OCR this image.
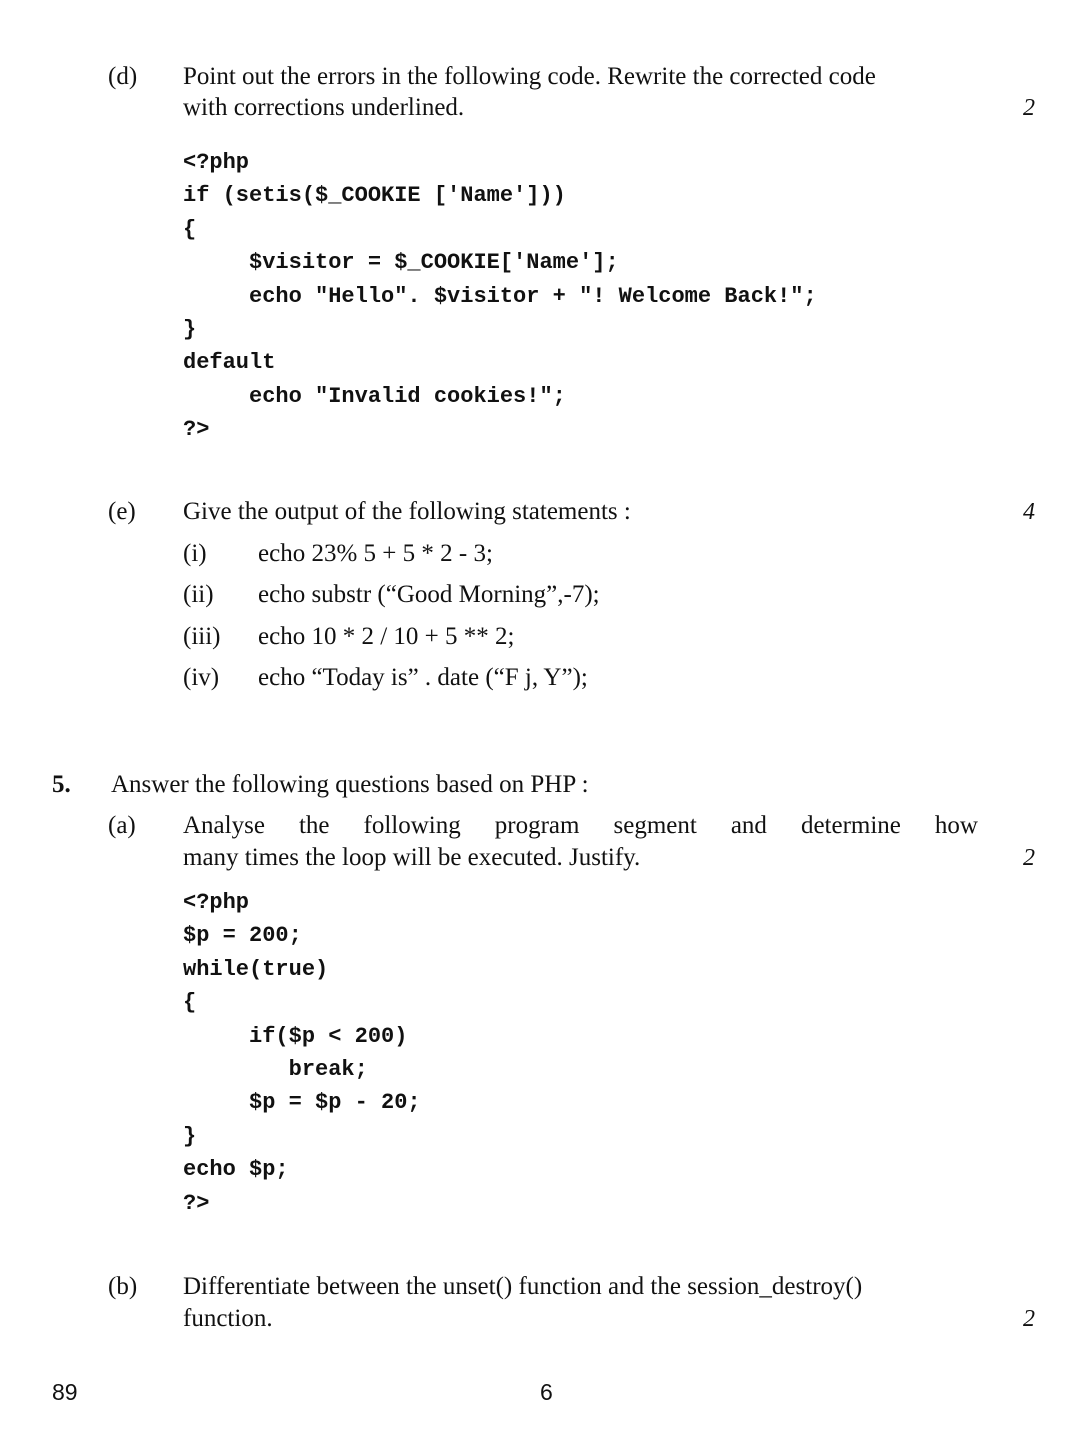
(d) Point out the errors in the following code. Rewrite the corrected code
with corrections underlined.	2
<?php
if (setis($_COOKIE ['Name']))
{
$visitor = $_COOKIE['Name'];
echo "Hello". $visitor + "! Welcome Back!";
}
default
echo "Invalid cookies!";
?>
(e) Give the output of the following statements :	4
(i) echo 23% 5 + 5 * 2 - 3;
(ii) echo substr (“Good Morning”,-7);
(iii) echo 10 * 2 / 10 + 5 ** 2;
(iv) echo “Today is” . date (“F j, Y”);
5. Answer the following questions based on PHP :
(a) Analyse the following program segment and determine how
many times the loop will be executed. Justify.	2
<?php
$p = 200;
while(true)
{
if($p < 200)
break;
$p = $p - 20;
}
echo $p;
?>
(b) Differentiate between the unset() function and the session_destroy()
function.	2
89	6
